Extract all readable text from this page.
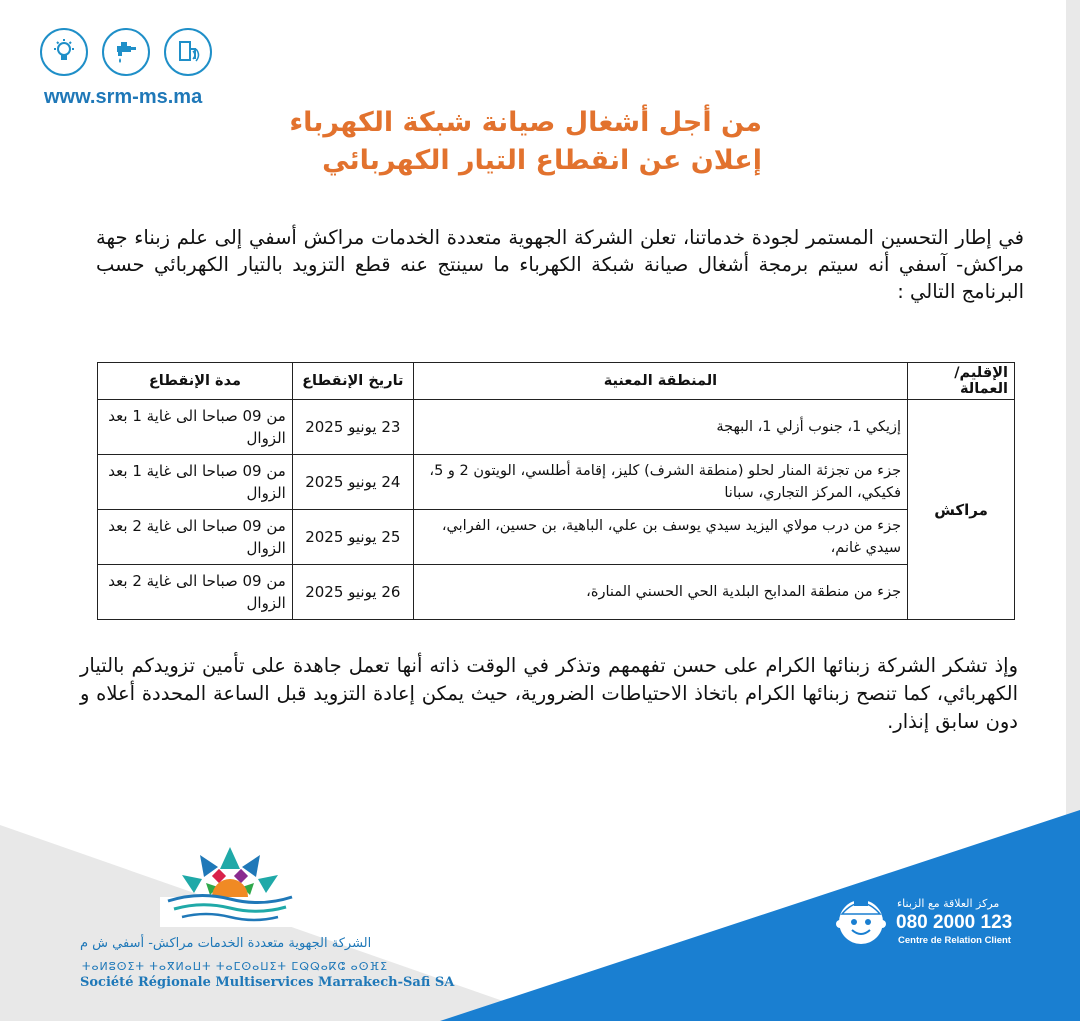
www.srm-ms.ma
من أجل أشغال صيانة شبكة الكهرباء
إعلان عن انقطاع التيار الكهربائي
في إطار التحسين المستمر لجودة خدماتنا، تعلن الشركة الجهوية متعددة الخدمات مراكش أسفي إلى علم زبناء جهة مراكش- آسفي أنه سيتم برمجة أشغال صيانة شبكة الكهرباء ما سينتج عنه قطع التزويد بالتيار الكهربائي حسب البرنامج التالي :
الإقليم/العمالة	المنطقة المعنية	تاريخ الإنقطاع	مدة الإنقطاع
مراكش	إزيكي 1، جنوب أزلي 1، البهجة	23 يونيو 2025	من 09 صباحا الى غاية 1 بعد الزوال
	جزء من تجزئة المنار لحلو (منطقة الشرف) كليز، إقامة أطلسي، الويتون 2 و 5، فكيكي، المركز التجاري، سبانا	24 يونيو 2025	من 09 صباحا الى غاية 1 بعد الزوال
	جزء من درب مولاي اليزيد سيدي يوسف بن علي، الباهية، بن حسين، الفرابي، سيدي غانم،	25 يونيو 2025	من 09 صباحا الى غاية 2 بعد الزوال
	جزء من منطقة المدابح البلدية الحي الحسني المنارة،	26 يونيو 2025	من 09 صباحا الى غاية 2 بعد الزوال
وإذ تشكر الشركة زبنائها الكرام على حسن تفهمهم وتذكر في الوقت ذاته أنها تعمل جاهدة على تأمين تزويدكم بالتيار الكهربائي، كما تنصح زبنائها الكرام باتخاذ الاحتياطات الضرورية، حيث يمكن إعادة التزويد قبل الساعة المحددة أعلاه و دون سابق إنذار.
الشركة الجهوية متعددة الخدمات مراكش- أسفي ش م
ⵜⴰⵍⵓⵙⵉⵜ ⵜⴰⴳⵍⴰⵡⵜ ⵜⴰⵎⵙⴰⵡⵉⵜ ⵎⵕⵕⴰⴽⵛ ⴰⵙⴼⵉ
Société Régionale Multiservices Marrakech-Safi SA
مركز العلاقة مع الزبناء
080 2000 123
Centre de Relation Client
